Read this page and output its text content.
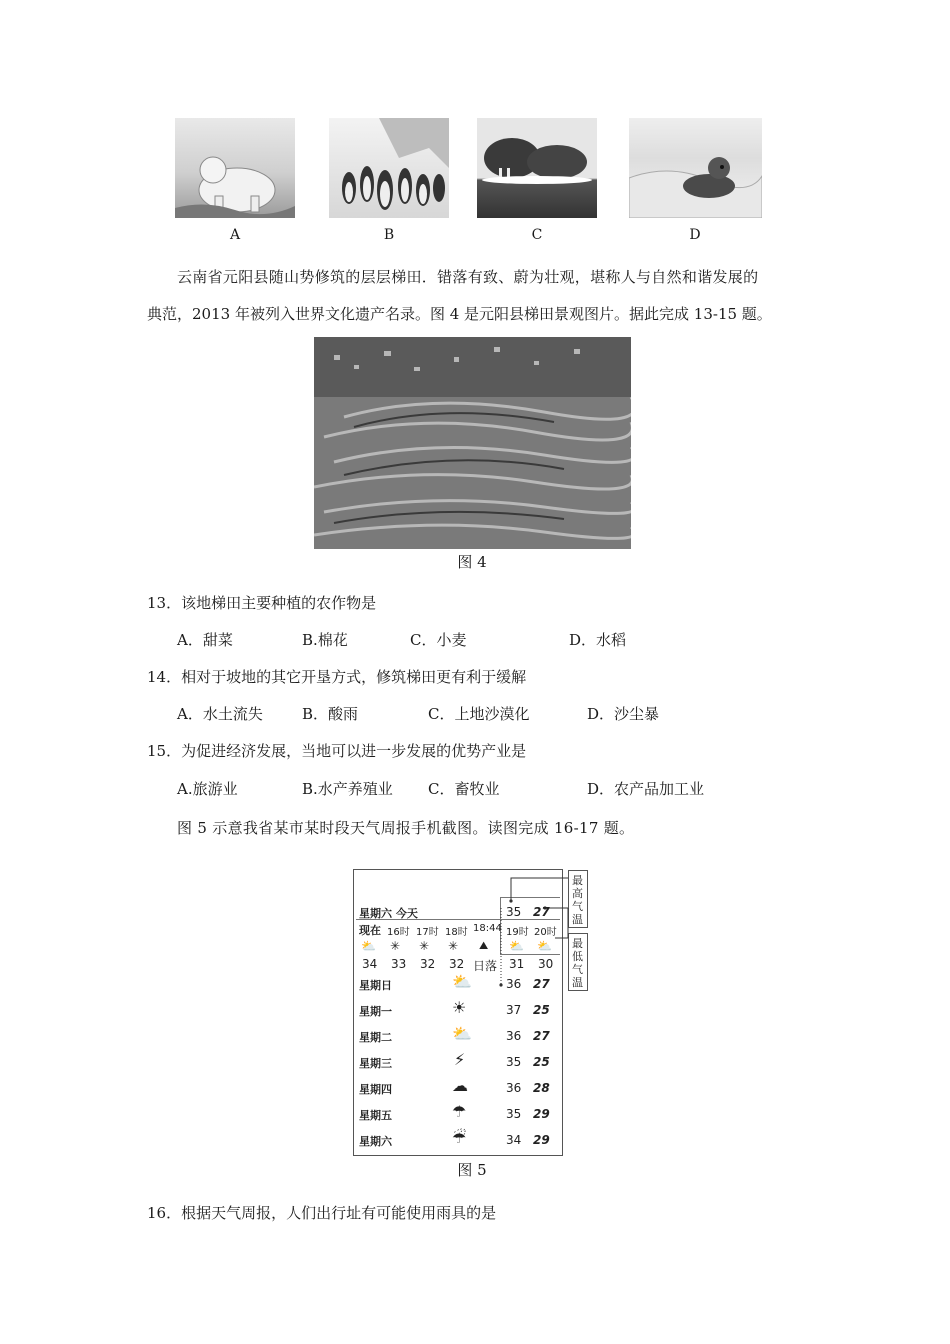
A	B	C	D
云南省元阳县随山势修筑的层层梯田．错落有致、蔚为壮观，堪称人与自然和谐发展的
典范，2013 年被列入世界文化遗产名录。图 4 是元阳县梯田景观图片。据此完成 13-15 题。
图 4
13．该地梯田主要种植的农作物是
A．甜菜	B.棉花	C．小麦	D．水稻
14．相对于坡地的其它开垦方式，修筑梯田更有利于缓解
A．水土流失	B．酸雨	C．上地沙漠化	D．沙尘暴
15．为促进经济发展，当地可以进一步发展的优势产业是
A.旅游业	B.水产养殖业 C．畜牧业	D．农产品加工业
图 5 示意我省某市某时段天气周报手机截图。读图完成 16-17 题。
最
高
气
温
最
低
气
温
星期六 今天	35 27
现在 16时 17时 18时 18:44 19时 20时
⛅ ✳ ✳ ✳ ⛰ ⛅ ⛅
34 33 32 32 日落 31 30
星期日	⛅	36 27
星期一	☀	37 25
星期二	⛅	36 27
星期三	⚡	35 25
星期四	☁	36 28
星期五	☂	35 29
星期六	☔	34 29
图 5
16．根据天气周报，人们出行址有可能使用雨具的是
